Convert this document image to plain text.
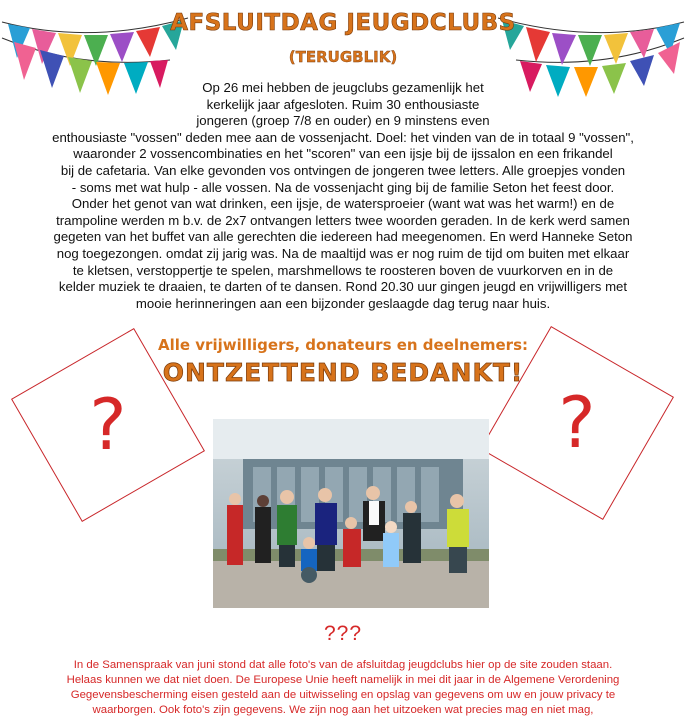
AFSLUITDAG JEUGDCLUBS
(TERUGBLIK)
Op 26 mei hebben de jeugclubs gezamenlijk het
kerkelijk jaar afgesloten. Ruim 30 enthousiaste
jongeren (groep 7/8 en ouder) en 9 minstens even
enthousiaste "vossen" deden mee aan de vossenjacht. Doel: het vinden van de in totaal 9 "vossen",
waaronder 2 vossencombinaties en het "scoren" van een ijsje bij de ijssalon en een frikandel
bij de cafetaria. Van elke gevonden vos ontvingen de jongeren twee letters. Alle groepjes vonden
- soms met wat hulp - alle vossen. Na de vossenjacht ging bij de familie Seton het feest door.
Onder het genot van wat drinken, een ijsje, de watersproeier (want wat was het warm!) en de
trampoline werden m b.v. de 2x7 ontvangen letters twee woorden geraden. In de kerk werd samen
gegeten van het buffet van alle gerechten die iedereen had meegenomen. En werd Hanneke Seton
nog toegezongen. omdat zij jarig was. Na de maaltijd was er nog ruim de tijd om buiten met elkaar
te kletsen, verstoppertje te spelen, marshmellows te roosteren boven de vuurkorven en in de
kelder muziek te draaien, te darten of te dansen. Rond 20.30 uur gingen jeugd en vrijwilligers met
mooie herinneringen aan een bijzonder geslaagde dag terug naar huis.
Alle vrijwilligers, donateurs en deelnemers:
ONTZETTEND BEDANKT!
?	?
???
In de Samenspraak van juni stond dat alle foto's van de afsluitdag jeugdclubs hier op de site zouden staan.
Helaas kunnen we dat niet doen. De Europese Unie heeft namelijk in mei dit jaar in de Algemene Verordening
Gegevensbescherming eisen gesteld aan de uitwisseling en opslag van gegevens om uw en jouw privacy te
waarborgen. Ook foto's zijn gegevens. We zijn nog aan het uitzoeken wat precies mag en niet mag,
